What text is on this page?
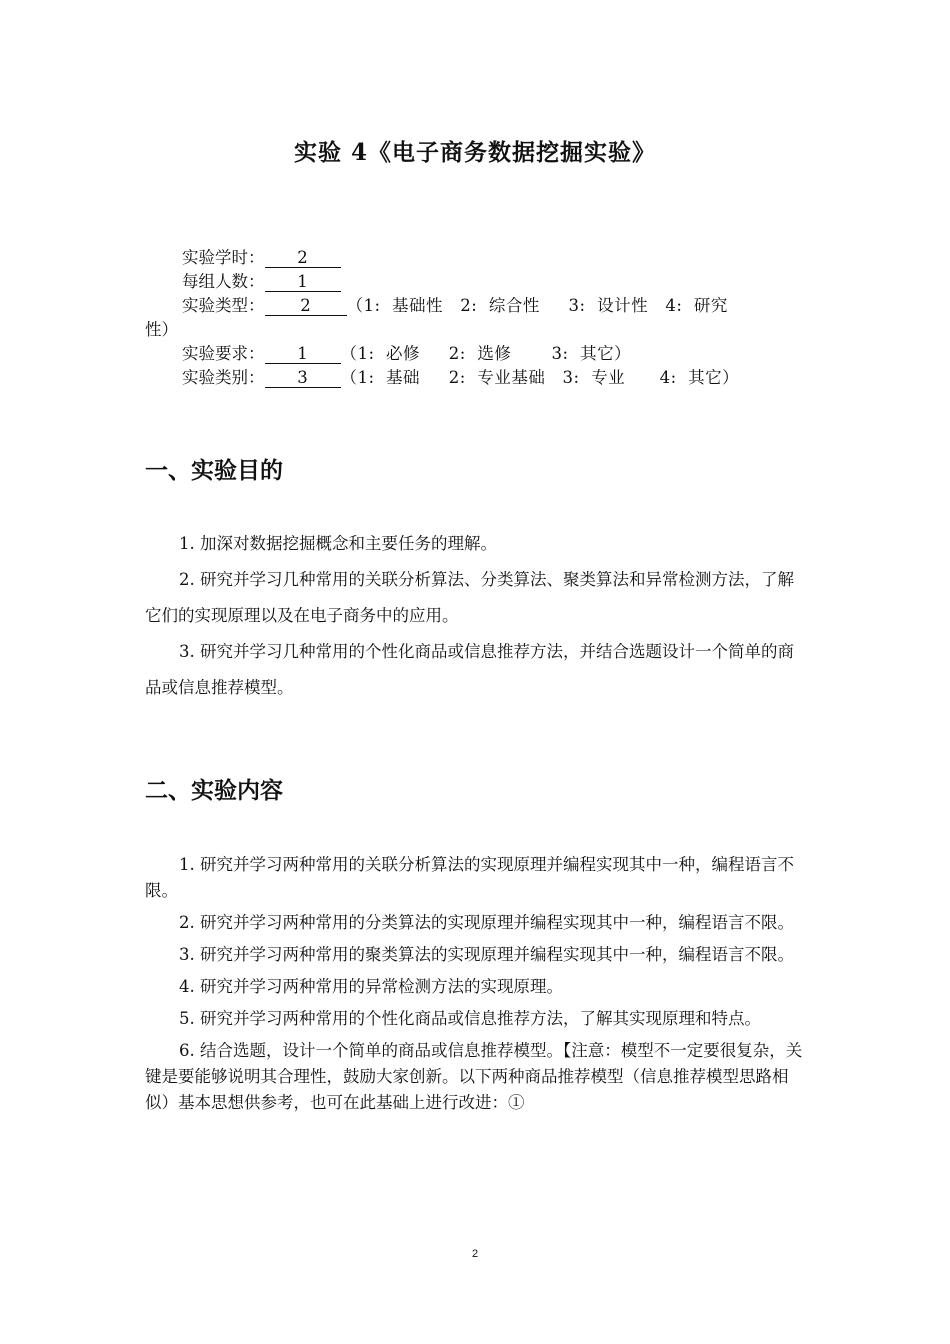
实验 4《电子商务数据挖掘实验》
实验学时： 2
每组人数： 1
实验类型： 2 （1:  基础性   2:  综合性     3:  设计性   4:  研究
性）
实验要求： 1 （1:  必修     2:  选修       3:  其它）
实验类别： 3 （1:  基础     2:  专业基础   3:  专业      4:  其它）
一、实验目的

1. 加深对数据挖掘概念和主要任务的理解。

2. 研究并学习几种常用的关联分析算法、分类算法、聚类算法和异常检测方法，了解它们的实现原理以及在电子商务中的应用。

3. 研究并学习几种常用的个性化商品或信息推荐方法，并结合选题设计一个简单的商品或信息推荐模型。

二、实验内容

1. 研究并学习两种常用的关联分析算法的实现原理并编程实现其中一种，编程语言不限。

2. 研究并学习两种常用的分类算法的实现原理并编程实现其中一种，编程语言不限。

3. 研究并学习两种常用的聚类算法的实现原理并编程实现其中一种，编程语言不限。

4. 研究并学习两种常用的异常检测方法的实现原理。

5. 研究并学习两种常用的个性化商品或信息推荐方法，了解其实现原理和特点。

6. 结合选题，设计一个简单的商品或信息推荐模型。【注意：模型不一定要很复杂，关键是要能够说明其合理性，鼓励大家创新。以下两种商品推荐模型（信息推荐模型思路相似）基本思想供参考，也可在此基础上进行改进：①

2
